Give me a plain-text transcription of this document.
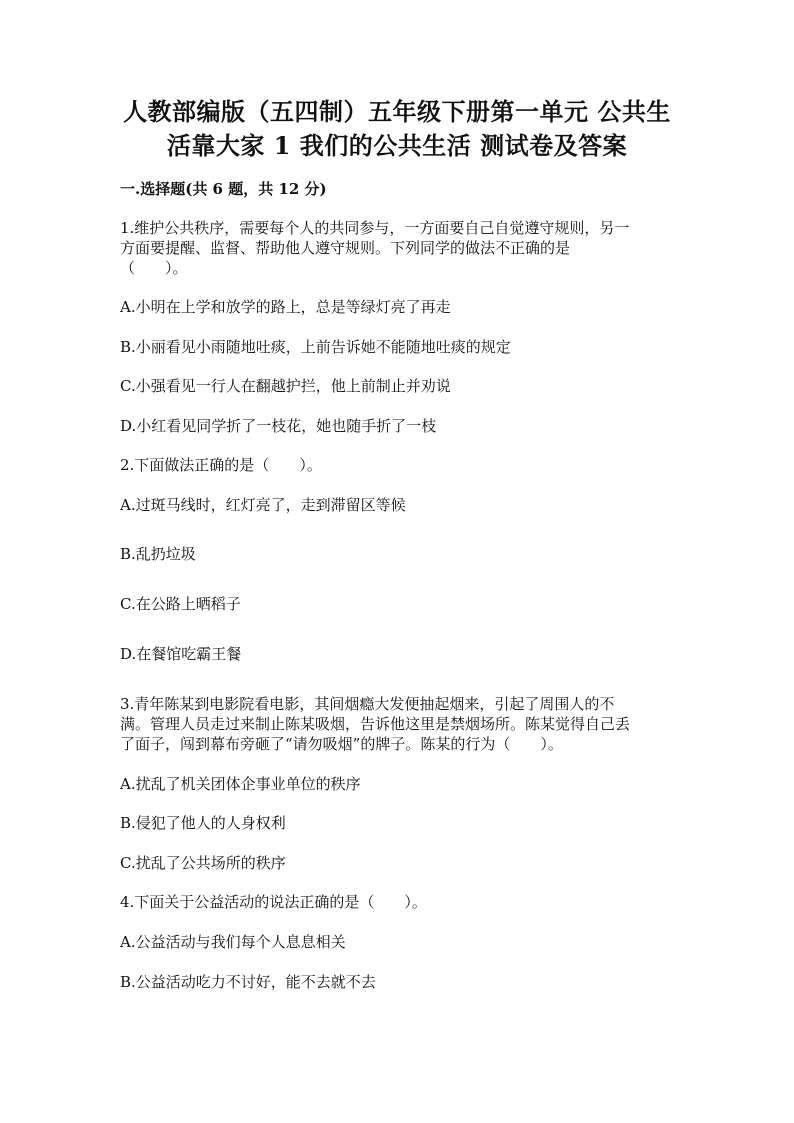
人教部编版（五四制）五年级下册第一单元 公共生
活靠大家 1 我们的公共生活 测试卷及答案
一.选择题(共 6 题，共 12 分)
1.维护公共秩序，需要每个人的共同参与，一方面要自己自觉遵守规则，另一
方面要提醒、监督、帮助他人遵守规则。下列同学的做法不正确的是
（　　）。
A.小明在上学和放学的路上，总是等绿灯亮了再走
B.小丽看见小雨随地吐痰，上前告诉她不能随地吐痰的规定
C.小强看见一行人在翻越护拦，他上前制止并劝说
D.小红看见同学折了一枝花，她也随手折了一枝
2.下面做法正确的是（　　）。
A.过斑马线时，红灯亮了，走到滞留区等候
B.乱扔垃圾
C.在公路上晒稻子
D.在餐馆吃霸王餐
3.青年陈某到电影院看电影，其间烟瘾大发便抽起烟来，引起了周围人的不
满。管理人员走过来制止陈某吸烟，告诉他这里是禁烟场所。陈某觉得自己丢
了面子，闯到幕布旁砸了“请勿吸烟”的牌子。陈某的行为（　　）。
A.扰乱了机关团体企事业单位的秩序
B.侵犯了他人的人身权利
C.扰乱了公共场所的秩序
4.下面关于公益活动的说法正确的是（　　）。
A.公益活动与我们每个人息息相关
B.公益活动吃力不讨好，能不去就不去
